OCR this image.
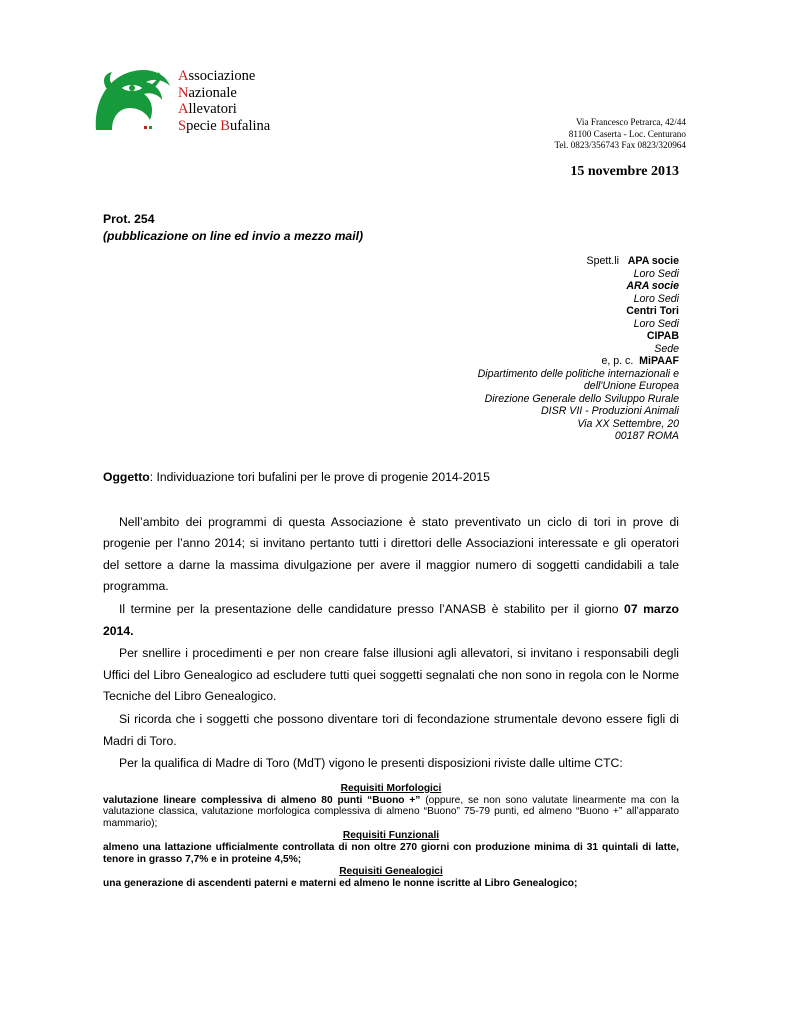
Associazione
Nazionale
Allevatori
Specie Bufalina	Via Francesco Petrarca, 42/44
81100 Caserta - Loc. Centurano
Tel. 0823/356743 Fax 0823/320964
15 novembre 2013
Prot. 254
(pubblicazione on line ed invio a mezzo mail)
Spett.li APA socie
Loro Sedi
ARA socie
Loro Sedi
Centri Tori
Loro Sedi
CIPAB
Sede
e, p. c. MiPAAF
Dipartimento delle politiche internazionali e
dell'Unione Europea
Direzione Generale dello Sviluppo Rurale
DISR VII - Produzioni Animali
Via XX Settembre, 20
00187 ROMA
Oggetto: Individuazione tori bufalini per le prove di progenie 2014-2015

Nell’ambito dei programmi di questa Associazione è stato preventivato un ciclo di tori in prove di progenie per l’anno 2014; si invitano pertanto tutti i direttori delle Associazioni interessate e gli operatori del settore a darne la massima divulgazione per avere il maggior numero di soggetti candidabili a tale programma.

Il termine per la presentazione delle candidature presso l’ANASB è stabilito per il giorno 07 marzo 2014.

Per snellire i procedimenti e per non creare false illusioni agli allevatori, si invitano i responsabili degli Uffici del Libro Genealogico ad escludere tutti quei soggetti segnalati che non sono in regola con le Norme Tecniche del Libro Genealogico.

Si ricorda che i soggetti che possono diventare tori di fecondazione strumentale devono essere figli di Madri di Toro.

Per la qualifica di Madre di Toro (MdT) vigono le presenti disposizioni riviste dalle ultime CTC:

Requisiti Morfologici

valutazione lineare complessiva di almeno 80 punti “Buono +” (oppure, se non sono valutate linearmente ma con la valutazione classica, valutazione morfologica complessiva di almeno “Buono” 75-79 punti, ed almeno “Buono +” all’apparato mammario);

Requisiti Funzionali

almeno una lattazione ufficialmente controllata di non oltre 270 giorni con produzione minima di 31 quintali di latte, tenore in grasso 7,7% e in proteine 4,5%;

Requisiti Genealogici

una generazione di ascendenti paterni e materni ed almeno le nonne iscritte al Libro Genealogico;
